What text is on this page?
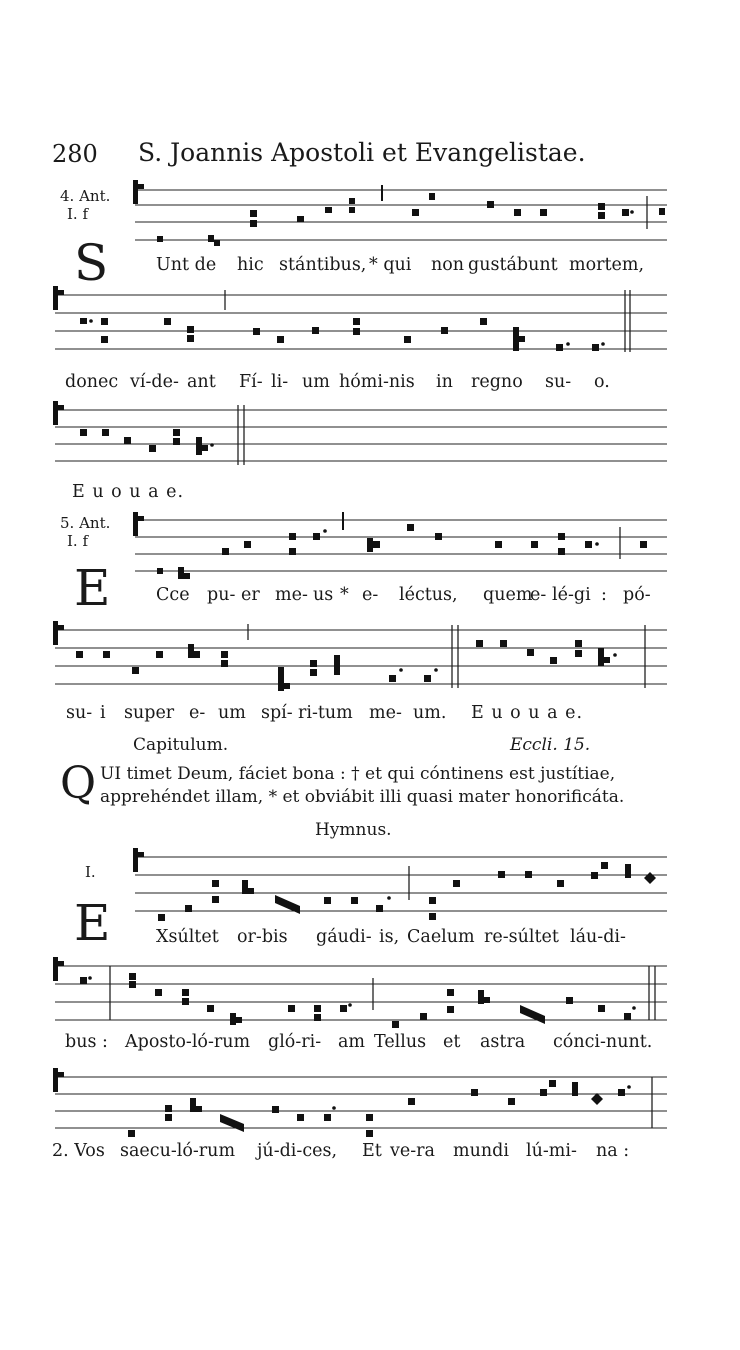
280 S. Joannis Apostoli et Evangelistae.
4. Ant.
I. f
S	Unt de hic stántibus, * qui non gustábunt mortem,
donec ví-de- ant Fí- li- um hómi-nis in regno su- o.
E u o u a e.
5. Ant.
I. f
E	Cce pu- er me- us * e- léctus, quem
e- lé-gi : pó-
su- i super e- um spí- ri-tum me- um. E u o u a e.
Capitulum.	Eccli. 15.
Q UI timet Deum, fáciet bona : † et qui cóntinens est justítiae,
apprehéndet illam, * et obviábit illi quasi mater honorificáta.
Hymnus.
I.
E	Xsúltet or-bis gáudi- is, Caelum re-súltet láu-di-
bus : Aposto-ló-rum gló-ri- am Tellus et astra cónci-nunt.
2. Vos saecu-ló-rum jú-di-ces, Et ve-ra mundi lú-mi- na :
